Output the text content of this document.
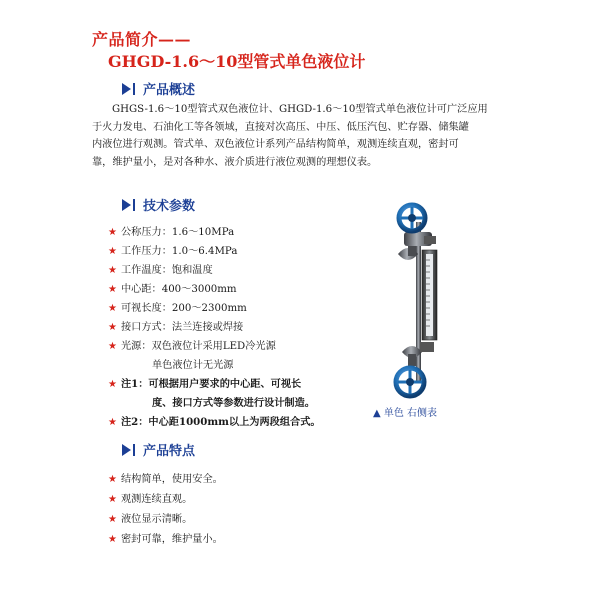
产品简介——
GHGD-1.6～10型管式单色液位计
产品概述
GHGS-1.6～10型管式双色液位计、GHGD-1.6～10型管式单色液位计可广泛应用
于火力发电、石油化工等各领域，直接对次高压、中压、低压汽包、贮存器、储集罐
内液位进行观测。管式单、双色液位计系列产品结构简单，观测连续直观，密封可
靠，维护量小，是对各种水、液介质进行液位观测的理想仪表。
技术参数
★ 公称压力：1.6～10MPa
★ 工作压力：1.0～6.4MPa
★ 工作温度：饱和温度
★ 中心距：400～3000mm
★ 可视长度：200～2300mm
★ 接口方式：法兰连接或焊接
★ 光源：双色液位计采用LED冷光源
单色液位计无光源
★ 注1：可根据用户要求的中心距、可视长
度、接口方式等参数进行设计制造。
★ 注2：中心距1000mm以上为两段组合式。
▲ 单色 右侧表
产品特点
★ 结构简单，使用安全。
★ 观测连续直观。
★ 液位显示清晰。
★ 密封可靠，维护量小。
